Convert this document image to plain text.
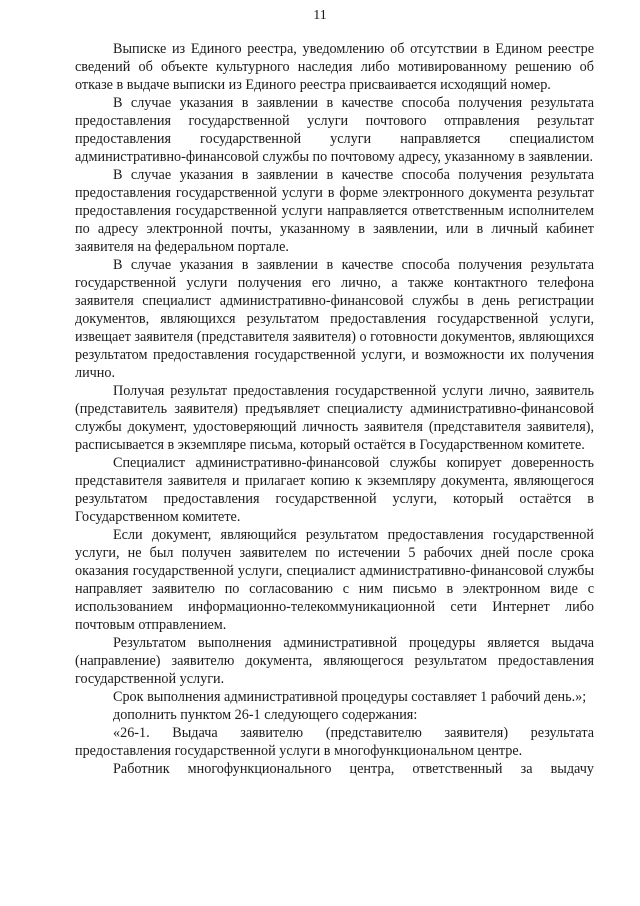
11

Выписке из Единого реестра, уведомлению об отсутствии в Едином реестре сведений об объекте культурного наследия либо мотивированному решению об отказе в выдаче выписки из Единого реестра присваивается исходящий номер.

В случае указания в заявлении в качестве способа получения результата предоставления государственной услуги почтового отправления результат предоставления государственной услуги направляется специалистом административно-финансовой службы по почтовому адресу, указанному в заявлении.

В случае указания в заявлении в качестве способа получения результата предоставления государственной услуги в форме электронного документа результат предоставления государственной услуги направляется ответственным исполнителем по адресу электронной почты, указанному в заявлении, или в личный кабинет заявителя на федеральном портале.

В случае указания в заявлении в качестве способа получения результата государственной услуги получения его лично, а также контактного телефона заявителя специалист административно-финансовой службы в день регистрации документов, являющихся результатом предоставления государственной услуги, извещает заявителя (представителя заявителя) о готовности документов, являющихся результатом предоставления государственной услуги, и возможности их получения лично.

Получая результат предоставления государственной услуги лично, заявитель (представитель заявителя) предъявляет специалисту административно-финансовой службы документ, удостоверяющий личность заявителя (представителя заявителя), расписывается в экземпляре письма, который остаётся в Государственном комитете.

Специалист административно-финансовой службы копирует доверенность представителя заявителя и прилагает копию к экземпляру документа, являющегося результатом предоставления государственной услуги, который остаётся в Государственном комитете.

Если документ, являющийся результатом предоставления государственной услуги, не был получен заявителем по истечении 5 рабочих дней после срока оказания государственной услуги, специалист административно-финансовой службы направляет заявителю по согласованию с ним письмо в электронном виде с использованием информационно-телекоммуникационной сети Интернет либо почтовым отправлением.

Результатом выполнения административной процедуры является выдача (направление) заявителю документа, являющегося результатом предоставления государственной услуги.

Срок выполнения административной процедуры составляет 1 рабочий день.»;

дополнить пунктом 26-1 следующего содержания:

«26-1. Выдача заявителю (представителю заявителя) результата предоставления государственной услуги в многофункциональном центре.

Работник многофункционального центра, ответственный за выдачу
